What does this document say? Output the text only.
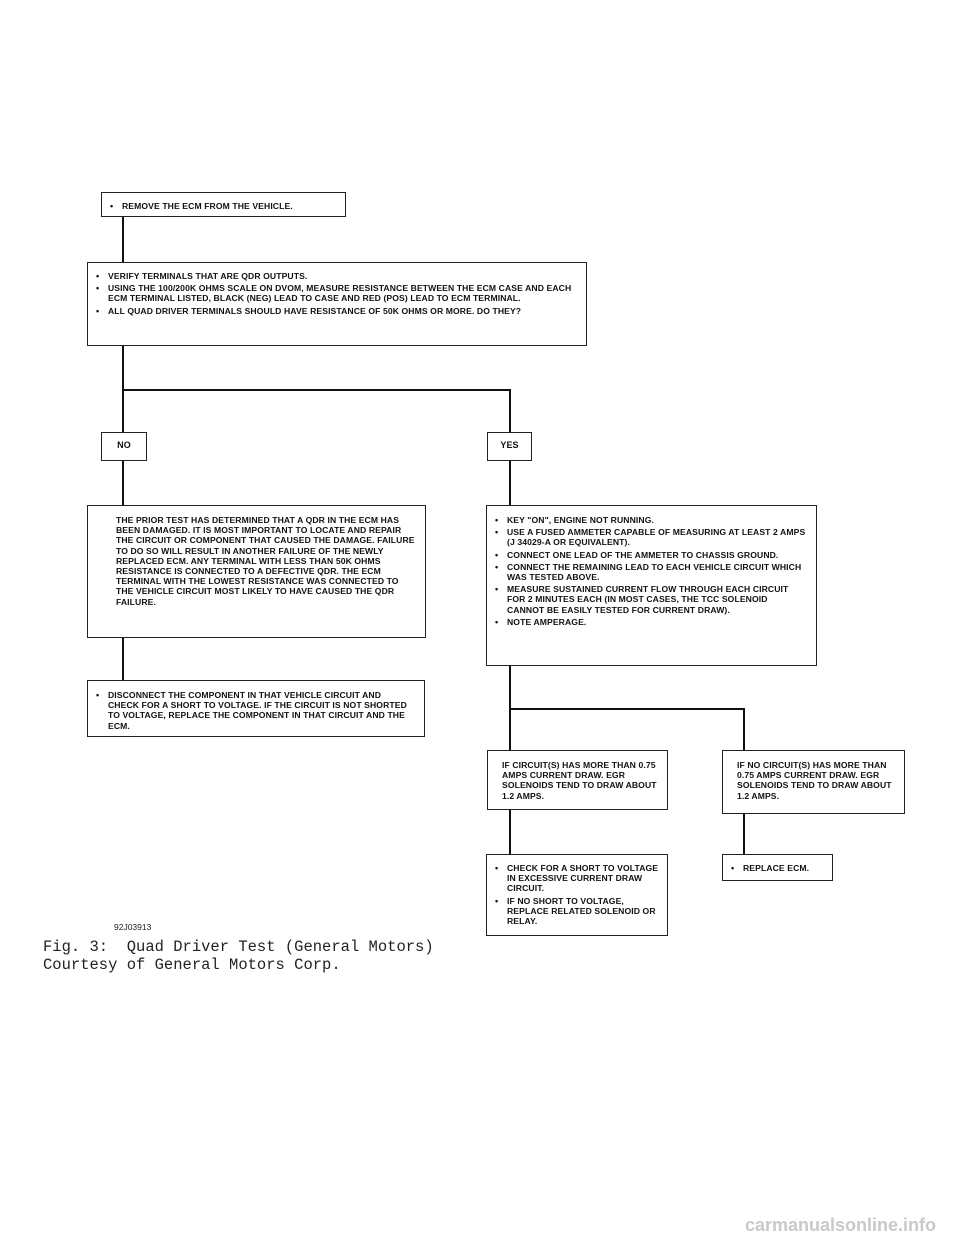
• REMOVE THE ECM FROM THE VEHICLE.
• VERIFY TERMINALS THAT ARE QDR OUTPUTS.
• USING THE 100/200K OHMS SCALE ON DVOM, MEASURE RESISTANCE BETWEEN THE ECM CASE AND EACH ECM TERMINAL LISTED, BLACK (NEG) LEAD TO CASE AND RED (POS) LEAD TO ECM TERMINAL.
• ALL QUAD DRIVER TERMINALS SHOULD HAVE RESISTANCE OF 50K OHMS OR MORE. DO THEY?
NO	YES
THE PRIOR TEST HAS DETERMINED THAT A QDR IN THE ECM HAS BEEN DAMAGED. IT IS MOST IMPORTANT TO LOCATE AND REPAIR THE CIRCUIT OR COMPONENT THAT CAUSED THE DAMAGE. FAILURE TO DO SO WILL RESULT IN ANOTHER FAILURE OF THE NEWLY REPLACED ECM. ANY TERMINAL WITH LESS THAN 50K OHMS RESISTANCE IS CONNECTED TO A DEFECTIVE QDR. THE ECM TERMINAL WITH THE LOWEST RESISTANCE WAS CONNECTED TO THE VEHICLE CIRCUIT MOST LIKELY TO HAVE CAUSED THE QDR FAILURE.
• KEY "ON", ENGINE NOT RUNNING.
• USE A FUSED AMMETER CAPABLE OF MEASURING AT LEAST 2 AMPS (J 34029-A OR EQUIVALENT).
• CONNECT ONE LEAD OF THE AMMETER TO CHASSIS GROUND.
• CONNECT THE REMAINING LEAD TO EACH VEHICLE CIRCUIT WHICH WAS TESTED ABOVE.
• MEASURE SUSTAINED CURRENT FLOW THROUGH EACH CIRCUIT FOR 2 MINUTES EACH (IN MOST CASES, THE TCC SOLENOID CANNOT BE EASILY TESTED FOR CURRENT DRAW).
• NOTE AMPERAGE.
• DISCONNECT THE COMPONENT IN THAT VEHICLE CIRCUIT AND CHECK FOR A SHORT TO VOLTAGE. IF THE CIRCUIT IS NOT SHORTED TO VOLTAGE, REPLACE THE COMPONENT IN THAT CIRCUIT AND THE ECM.
IF CIRCUIT(S) HAS MORE THAN 0.75 AMPS CURRENT DRAW. EGR SOLENOIDS TEND TO DRAW ABOUT 1.2 AMPS.
IF NO CIRCUIT(S) HAS MORE THAN 0.75 AMPS CURRENT DRAW. EGR SOLENOIDS TEND TO DRAW ABOUT 1.2 AMPS.
• CHECK FOR A SHORT TO VOLTAGE IN EXCESSIVE CURRENT DRAW CIRCUIT.
• IF NO SHORT TO VOLTAGE, REPLACE RELATED SOLENOID OR RELAY.
• REPLACE ECM.
92J03913
Fig. 3:  Quad Driver Test (General Motors)
Courtesy of General Motors Corp.
carmanualsonline.info
